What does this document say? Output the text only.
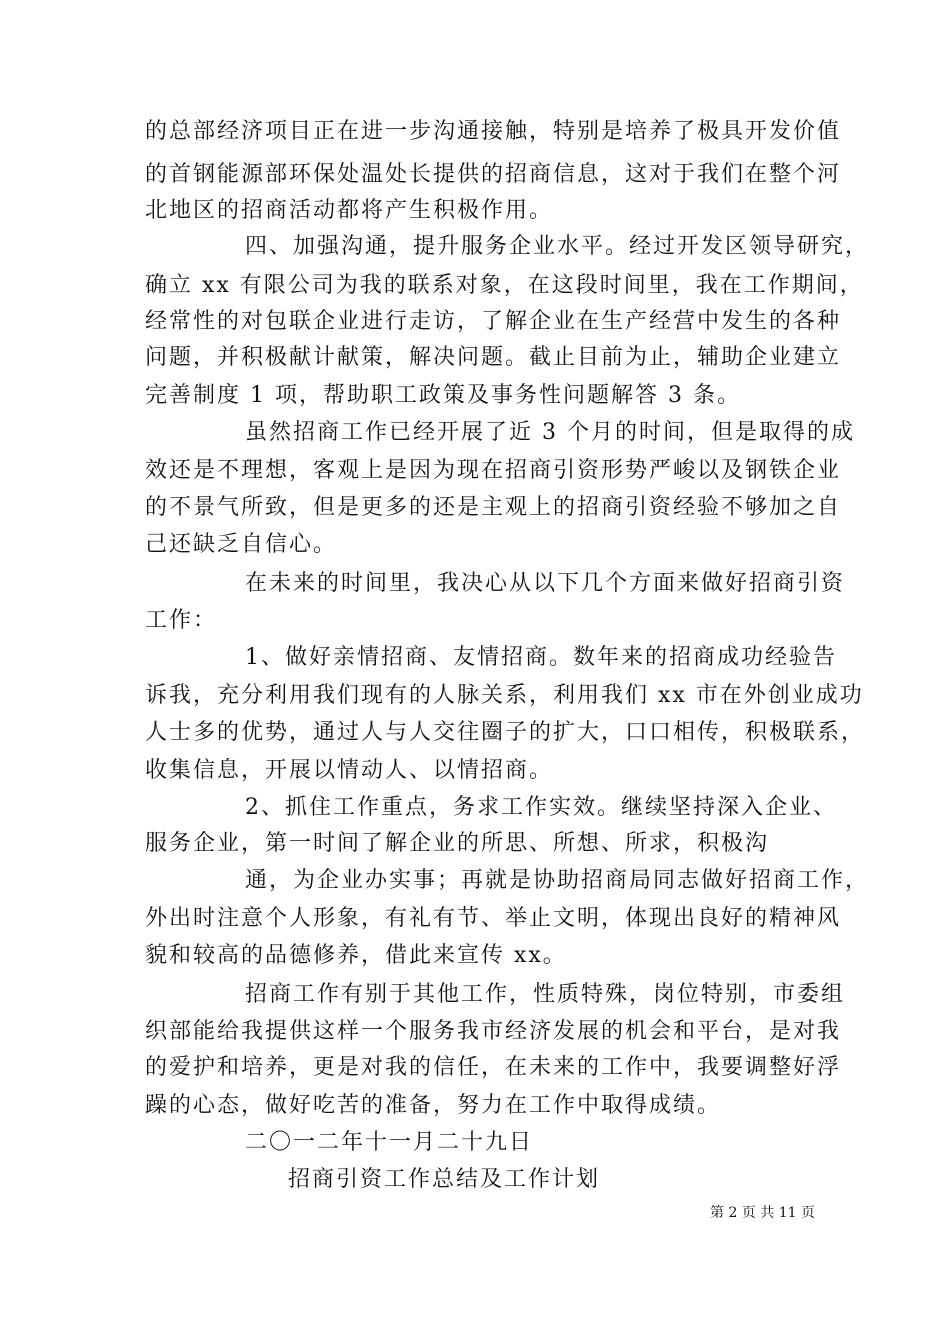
的总部经济项目正在进一步沟通接触，特别是培养了极具开发价值
的首钢能源部环保处温处长提供的招商信息，这对于我们在整个河
北地区的招商活动都将产生积极作用。
四、加强沟通，提升服务企业水平。经过开发区领导研究，
确立 xx 有限公司为我的联系对象，在这段时间里，我在工作期间，
经常性的对包联企业进行走访，了解企业在生产经营中发生的各种
问题，并积极献计献策，解决问题。截止目前为止，辅助企业建立
完善制度 1 项，帮助职工政策及事务性问题解答 3 条。
虽然招商工作已经开展了近 3 个月的时间，但是取得的成
效还是不理想，客观上是因为现在招商引资形势严峻以及钢铁企业
的不景气所致，但是更多的还是主观上的招商引资经验不够加之自
己还缺乏自信心。
在未来的时间里，我决心从以下几个方面来做好招商引资
工作：
1、做好亲情招商、友情招商。数年来的招商成功经验告
诉我，充分利用我们现有的人脉关系，利用我们 xx 市在外创业成功
人士多的优势，通过人与人交往圈子的扩大，口口相传，积极联系，
收集信息，开展以情动人、以情招商。
2、抓住工作重点，务求工作实效。继续坚持深入企业、
服务企业，第一时间了解企业的所思、所想、所求，积极沟
通，为企业办实事；再就是协助招商局同志做好招商工作，
外出时注意个人形象，有礼有节、举止文明，体现出良好的精神风
貌和较高的品德修养，借此来宣传 xx。
招商工作有别于其他工作，性质特殊，岗位特别，市委组
织部能给我提供这样一个服务我市经济发展的机会和平台，是对我
的爱护和培养，更是对我的信任，在未来的工作中，我要调整好浮
躁的心态，做好吃苦的准备，努力在工作中取得成绩。
二〇一二年十一月二十九日
招商引资工作总结及工作计划
第 2 页 共 11 页
